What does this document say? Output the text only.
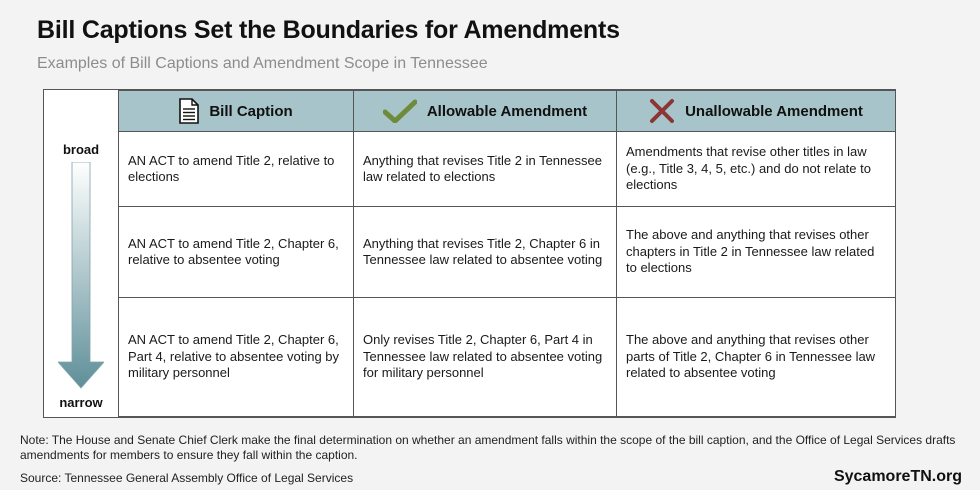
Bill Captions Set the Boundaries for Amendments
Examples of Bill Captions and Amendment Scope in Tennessee
broad
narrow
Bill Caption	Allowable Amendment	Unallowable Amendment

AN ACT to amend Title 2, relative to elections	Anything that revises Title 2 in Tennessee law related to elections	Amendments that revise other titles in law (e.g., Title 3, 4, 5, etc.) and do not relate to elections
AN ACT to amend Title 2, Chapter 6, relative to absentee voting	Anything that revises Title 2, Chapter 6 in Tennessee law related to absentee voting	The above and anything that revises other chapters in Title 2 in Tennessee law related to elections
AN ACT to amend Title 2, Chapter 6, Part 4, relative to absentee voting by military personnel	Only revises Title 2, Chapter 6, Part 4 in Tennessee law related to absentee voting for military personnel	The above and anything that revises other parts of Title 2, Chapter 6 in Tennessee law related to absentee voting
Note: The House and Senate Chief Clerk make the final determination on whether an amendment falls within the scope of the bill caption, and the Office of Legal Services drafts amendments for members to ensure they fall within the caption.
Source: Tennessee General Assembly Office of Legal Services	SycamoreTN.org
